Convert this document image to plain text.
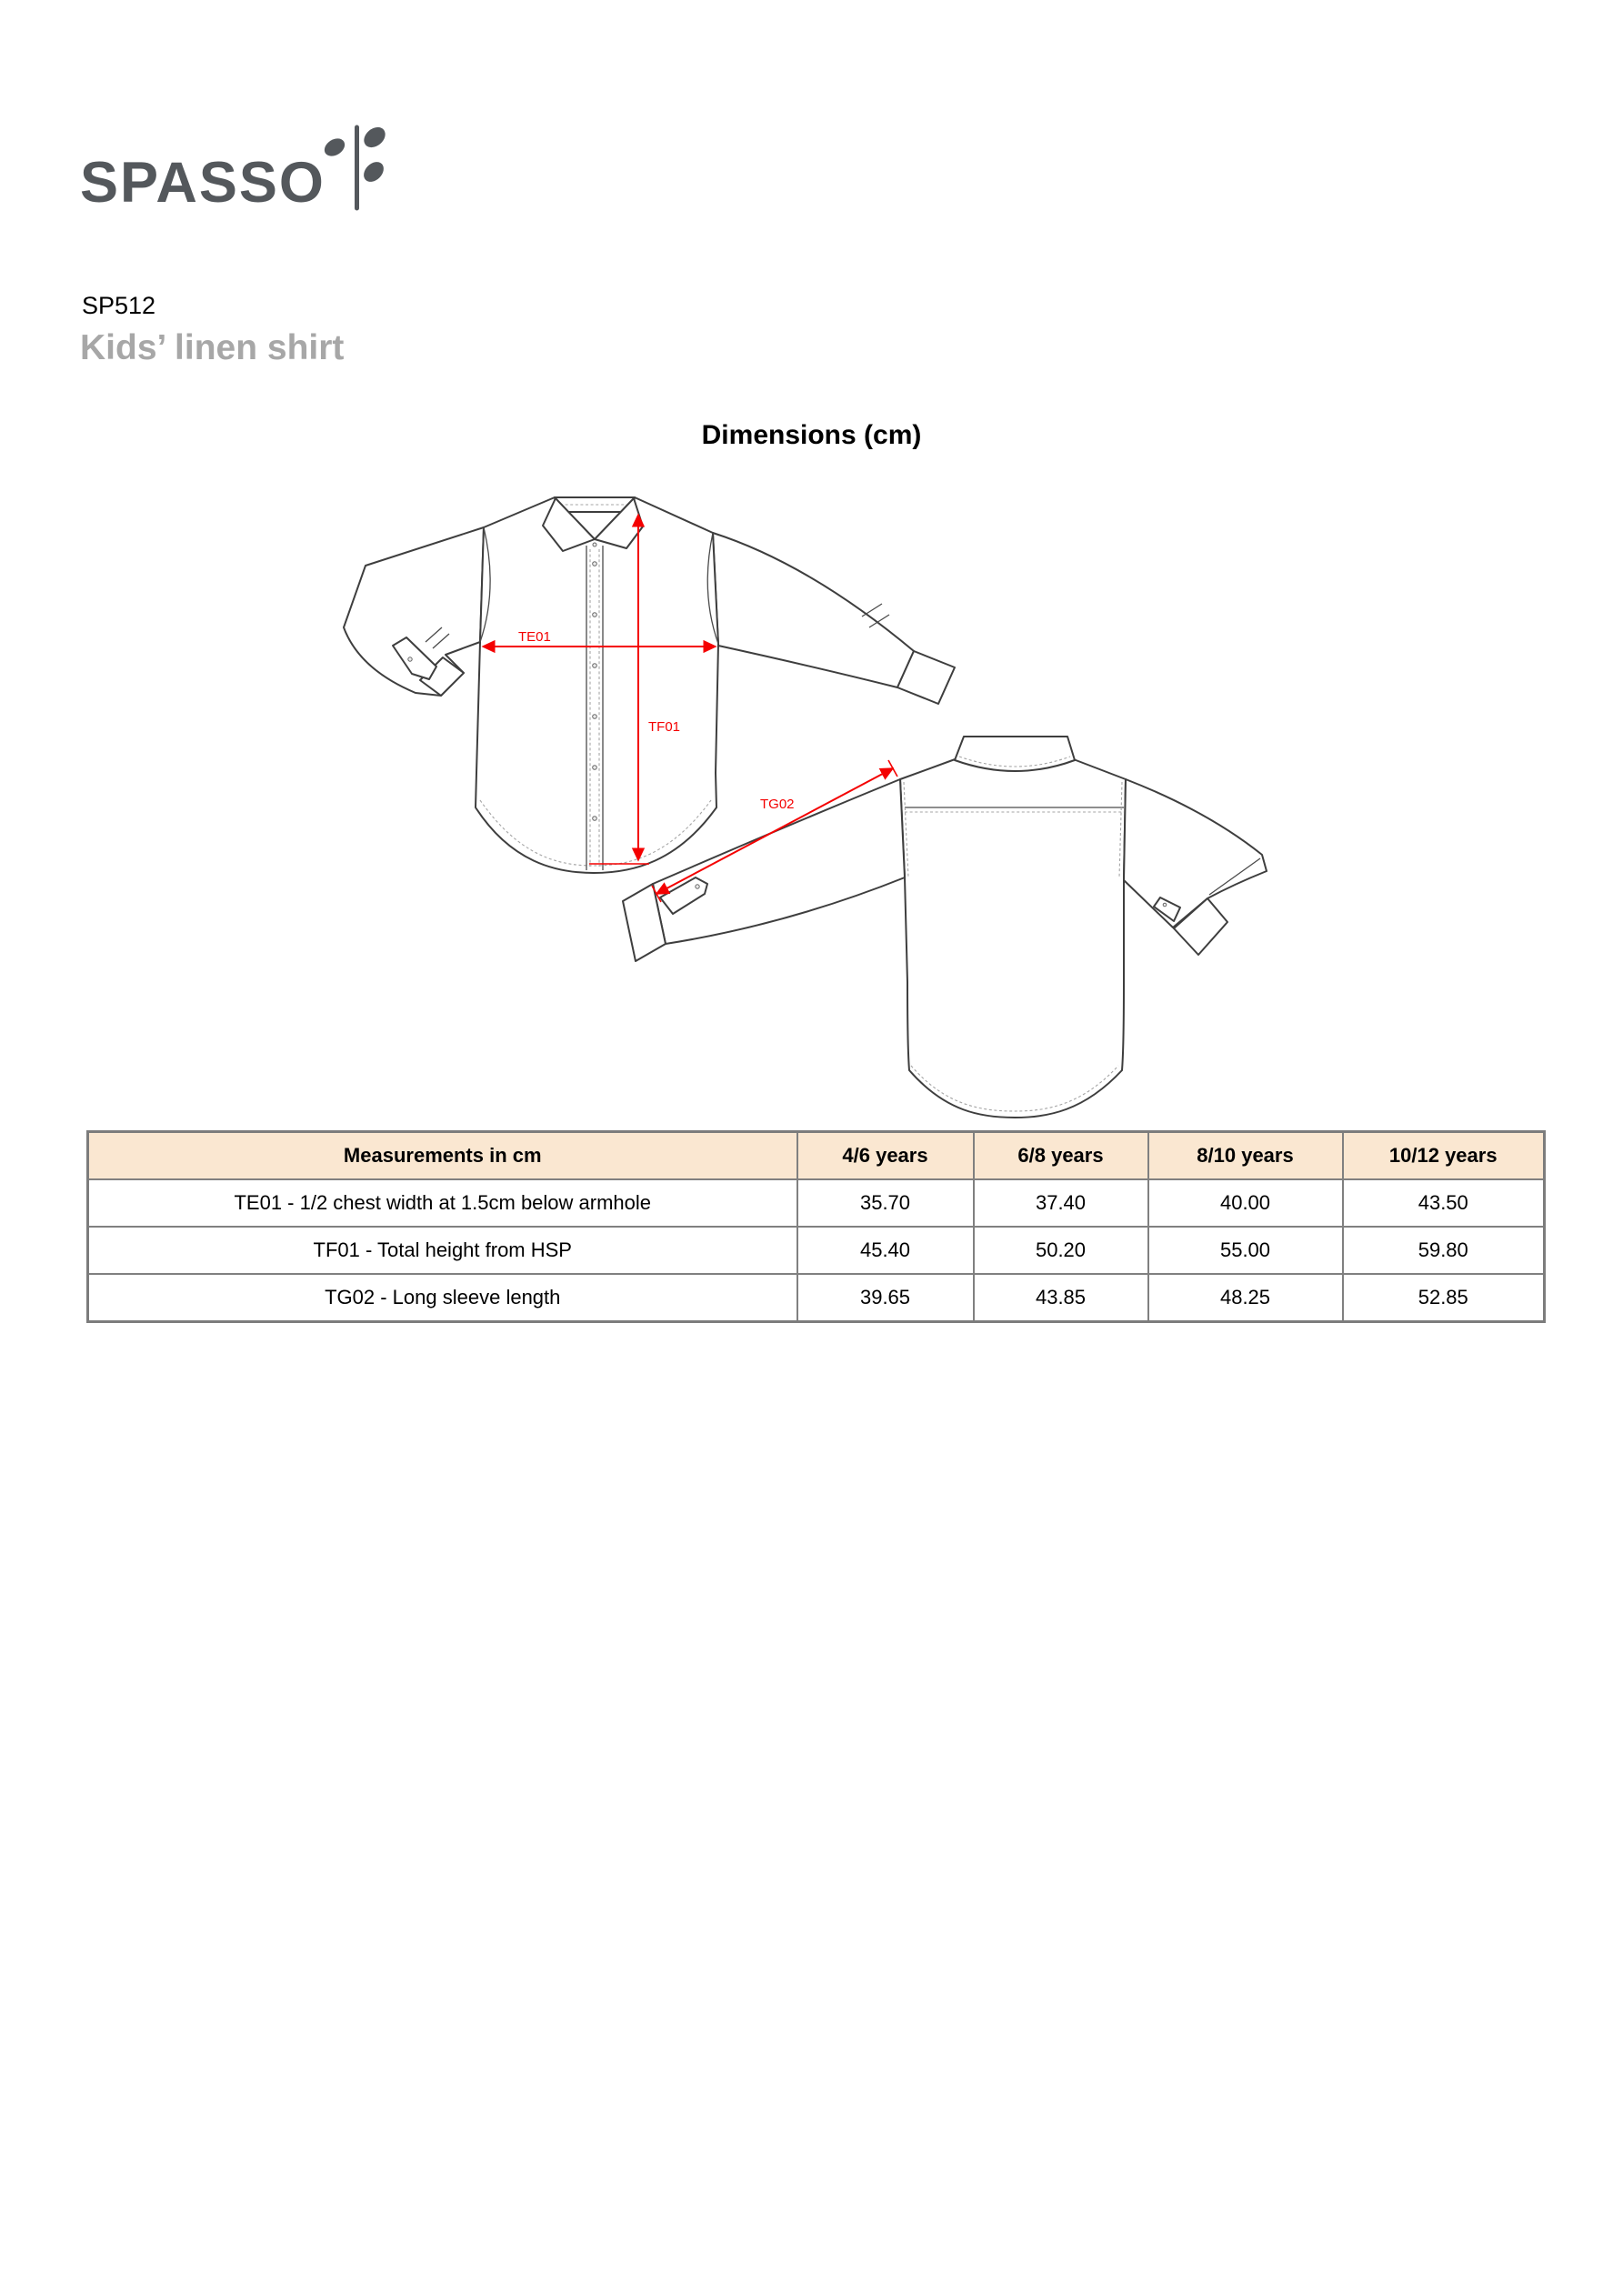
SPASSO
SP512
Kids’ linen shirt
Dimensions (cm)
TE01
TF01
TG02
Measurements in cm	4/6 years	6/8 years	8/10 years	10/12 years
TE01 - 1/2 chest width at 1.5cm below armhole	35.70	37.40	40.00	43.50
TF01 - Total height from HSP	45.40	50.20	55.00	59.80
TG02 - Long sleeve length	39.65	43.85	48.25	52.85
